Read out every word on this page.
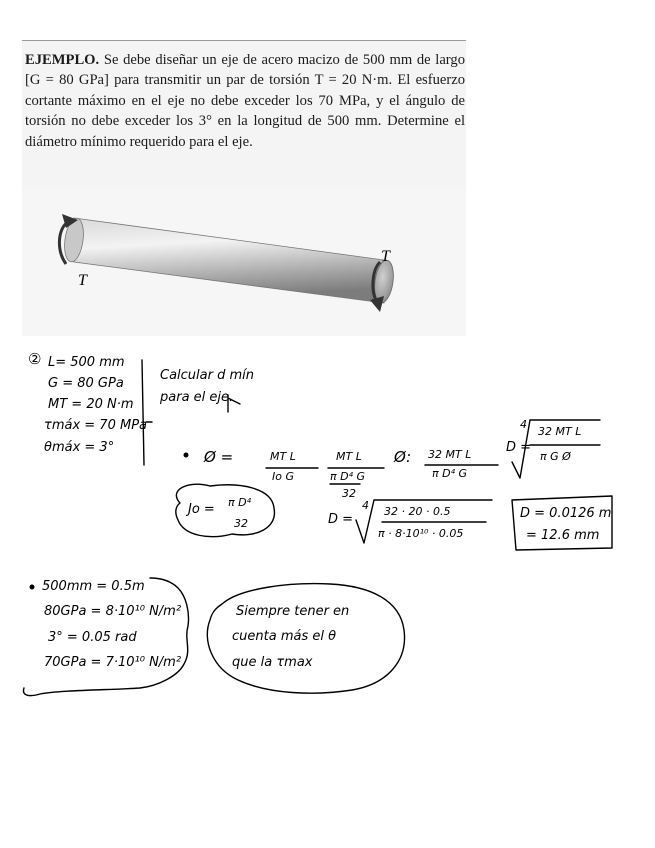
EJEMPLO. Se debe diseñar un eje de acero macizo de 500 mm de largo [G = 80 GPa] para transmitir un par de torsión T = 20 N·m. El esfuerzo cortante máximo en el eje no debe exceder los 70 MPa, y el ángulo de torsión no debe exceder los 3° en la longitud de 500 mm. Determine el diámetro mínimo requerido para el eje.
T
T
② L= 500 mm
G = 80 GPa
MT = 20 N·m
τmáx = 70 MPa
θmáx = 3°
Calcular d mín
para el eje.
Ø =	MT L
Io G
MT L
π D⁴ G
32
Ø: 32 MT L
π D⁴ G
D =
4
32 MT L
π G Ø
Jo = π D⁴
32	D =
4 32 · 20 · 0.5
π · 8·10¹⁰ · 0.05
D = 0.0126 m
= 12.6 mm
500mm = 0.5m
80GPa = 8·10¹⁰ N/m²
3° = 0.05 rad
70GPa = 7·10¹⁰ N/m²
Siempre tener en
cuenta más el θ
que la τmax
